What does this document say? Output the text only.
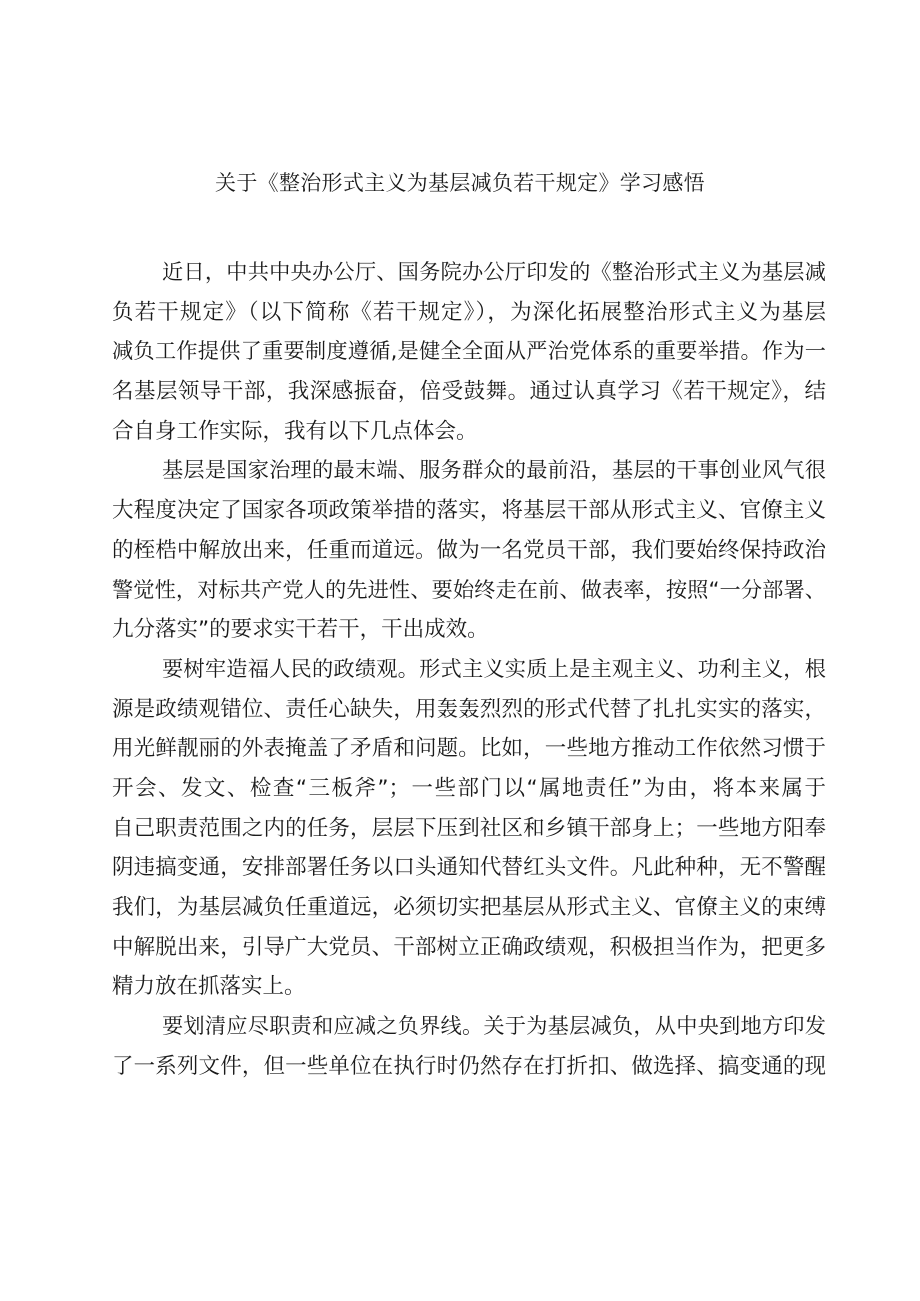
关于《整治形式主义为基层减负若干规定》学习感悟
近日，中共中央办公厅、国务院办公厅印发的《整治形式主义为基层减
负若干规定》（以下简称《若干规定》），为深化拓展整治形式主义为基层
减负工作提供了重要制度遵循,是健全全面从严治党体系的重要举措。作为一
名基层领导干部，我深感振奋，倍受鼓舞。通过认真学习《若干规定》，结
合自身工作实际，我有以下几点体会。
基层是国家治理的最末端、服务群众的最前沿，基层的干事创业风气很
大程度决定了国家各项政策举措的落实，将基层干部从形式主义、官僚主义
的桎梏中解放出来，任重而道远。做为一名党员干部，我们要始终保持政治
警觉性，对标共产党人的先进性、要始终走在前、做表率，按照“一分部署、
九分落实”的要求实干若干，干出成效。
要树牢造福人民的政绩观。形式主义实质上是主观主义、功利主义，根
源是政绩观错位、责任心缺失，用轰轰烈烈的形式代替了扎扎实实的落实，
用光鲜靓丽的外表掩盖了矛盾和问题。比如，一些地方推动工作依然习惯于
开会、发文、检查“三板斧”；一些部门以“属地责任”为由，将本来属于
自己职责范围之内的任务，层层下压到社区和乡镇干部身上；一些地方阳奉
阴违搞变通，安排部署任务以口头通知代替红头文件。凡此种种，无不警醒
我们，为基层减负任重道远，必须切实把基层从形式主义、官僚主义的束缚
中解脱出来，引导广大党员、干部树立正确政绩观，积极担当作为，把更多
精力放在抓落实上。
要划清应尽职责和应减之负界线。关于为基层减负，从中央到地方印发
了一系列文件，但一些单位在执行时仍然存在打折扣、做选择、搞变通的现
